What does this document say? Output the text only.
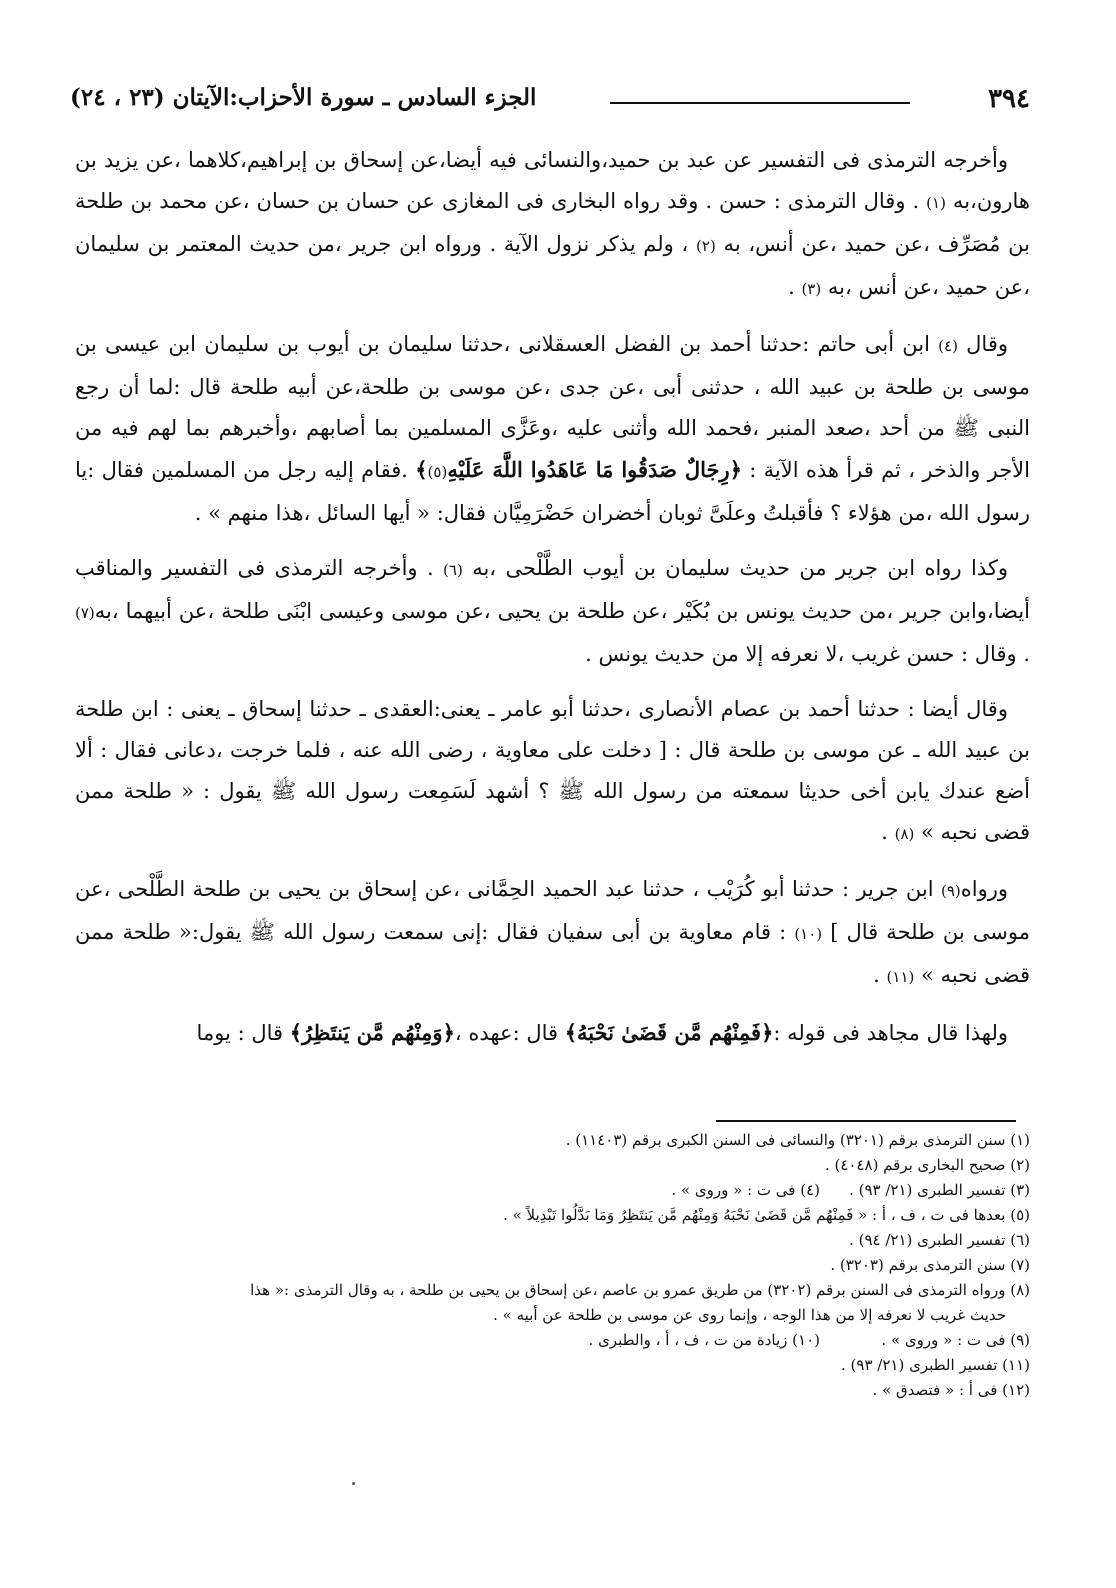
٣٩٤
الجزء السادس ـ سورة الأحزاب:الآيتان (٢٣ ، ٢٤)

وأخرجه الترمذى فى التفسير عن عبد بن حميد،والنسائى فيه أيضا،عن إسحاق بن إبراهيم،كلاهما ،عن يزيد بن هارون،به (١) . وقال الترمذى : حسن . وقد رواه البخارى فى المغازى عن حسان بن حسان ،عن محمد بن طلحة بن مُصَرِّف ،عن حميد ،عن أنس، به (٢) ، ولم يذكر نزول الآية . ورواه ابن جرير ،من حديث المعتمر بن سليمان ،عن حميد ،عن أنس ،به (٣) .

وقال (٤) ابن أبى حاتم :حدثنا أحمد بن الفضل العسقلانى ،حدثنا سليمان بن أيوب بن سليمان ابن عيسى بن موسى بن طلحة بن عبيد الله ، حدثنى أبى ،عن جدى ،عن موسى بن طلحة،عن أبيه طلحة قال :لما أن رجع النبى ﷺ من أحد ،صعد المنبر ،فحمد الله وأثنى عليه ،وعَزَّى المسلمين بما أصابهم ،وأخبرهم بما لهم فيه من الأجر والذخر ، ثم قرأ هذه الآية : ﴿رِجَالٌ صَدَقُوا مَا عَاهَدُوا اللَّهَ عَلَيْهِ(٥)﴾ .فقام إليه رجل من المسلمين فقال :يا رسول الله ،من هؤلاء ؟ فأقبلتُ وعلَىَّ ثوبان أخضران حَضْرَمِيَّان فقال: « أيها السائل ،هذا منهم » .

وكذا رواه ابن جرير من حديث سليمان بن أيوب الطَّلْحى ،به (٦) . وأخرجه الترمذى فى التفسير والمناقب أيضا،وابن جرير ،من حديث يونس بن بُكَيْر ،عن طلحة بن يحيى ،عن موسى وعيسى ابْنَى طلحة ،عن أبيهما ،به(٧) . وقال : حسن غريب ،لا نعرفه إلا من حديث يونس .

وقال أيضا : حدثنا أحمد بن عصام الأنصارى ،حدثنا أبو عامر ـ يعنى:العقدى ـ حدثنا إسحاق ـ يعنى : ابن طلحة بن عبيد الله ـ عن موسى بن طلحة قال : [ دخلت على معاوية ، رضى الله عنه ، فلما خرجت ،دعانى فقال : ألا أضع عندك يابن أخى حديثا سمعته من رسول الله ﷺ ؟ أشهد لَسَمِعت رسول الله ﷺ يقول : « طلحة ممن قضى نحبه » (٨) .

ورواه(٩) ابن جرير : حدثنا أبو كُرَيْب ، حدثنا عبد الحميد الحِمَّانى ،عن إسحاق بن يحيى بن طلحة الطَّلْحى ،عن موسى بن طلحة قال ] (١٠) : قام معاوية بن أبى سفيان فقال :إنى سمعت رسول الله ﷺ يقول:« طلحة ممن قضى نحبه » (١١) .

ولهذا قال مجاهد فى قوله :﴿فَمِنْهُم مَّن قَضَىٰ نَحْبَهُ﴾ قال :عهده ،﴿وَمِنْهُم مَّن يَنتَظِرُ﴾ قال : يوما

(١) سنن الترمذى برقم (٣٢٠١) والنسائى فى السنن الكبرى برقم (١١٤٠٣) .

(٢) صحيح البخارى برقم (٤٠٤٨) .

(٣) تفسير الطبرى (٢١/ ٩٣) .

(٤) فى ت : « وروى » .

(٥) بعدها فى ت ، ف ، أ : « فَمِنْهُم مَّن قَضَىٰ نَحْبَهُ وَمِنْهُم مَّن يَنتَظِرُ وَمَا بَدَّلُوا تَبْدِيلاً » .

(٦) تفسير الطبرى (٢١/ ٩٤) .

(٧) سنن الترمذى برقم (٣٢٠٣) .

(٨) ورواه الترمذى فى السنن برقم (٣٢٠٢) من طريق عمرو بن عاصم ،عن إسحاق بن يحيى بن طلحة ، به وقال الترمذى :« هذا

حديث غريب لا نعرفه إلا من هذا الوجه ، وإنما روى عن موسى بن طلحة عن أبيه » .

(٩) فى ت : « وروى » .

(١٠) زيادة من ت ، ف ، أ ، والطبرى .

(١١) تفسير الطبرى (٢١/ ٩٣) .

(١٢) فى أ : « فتصدق » .
